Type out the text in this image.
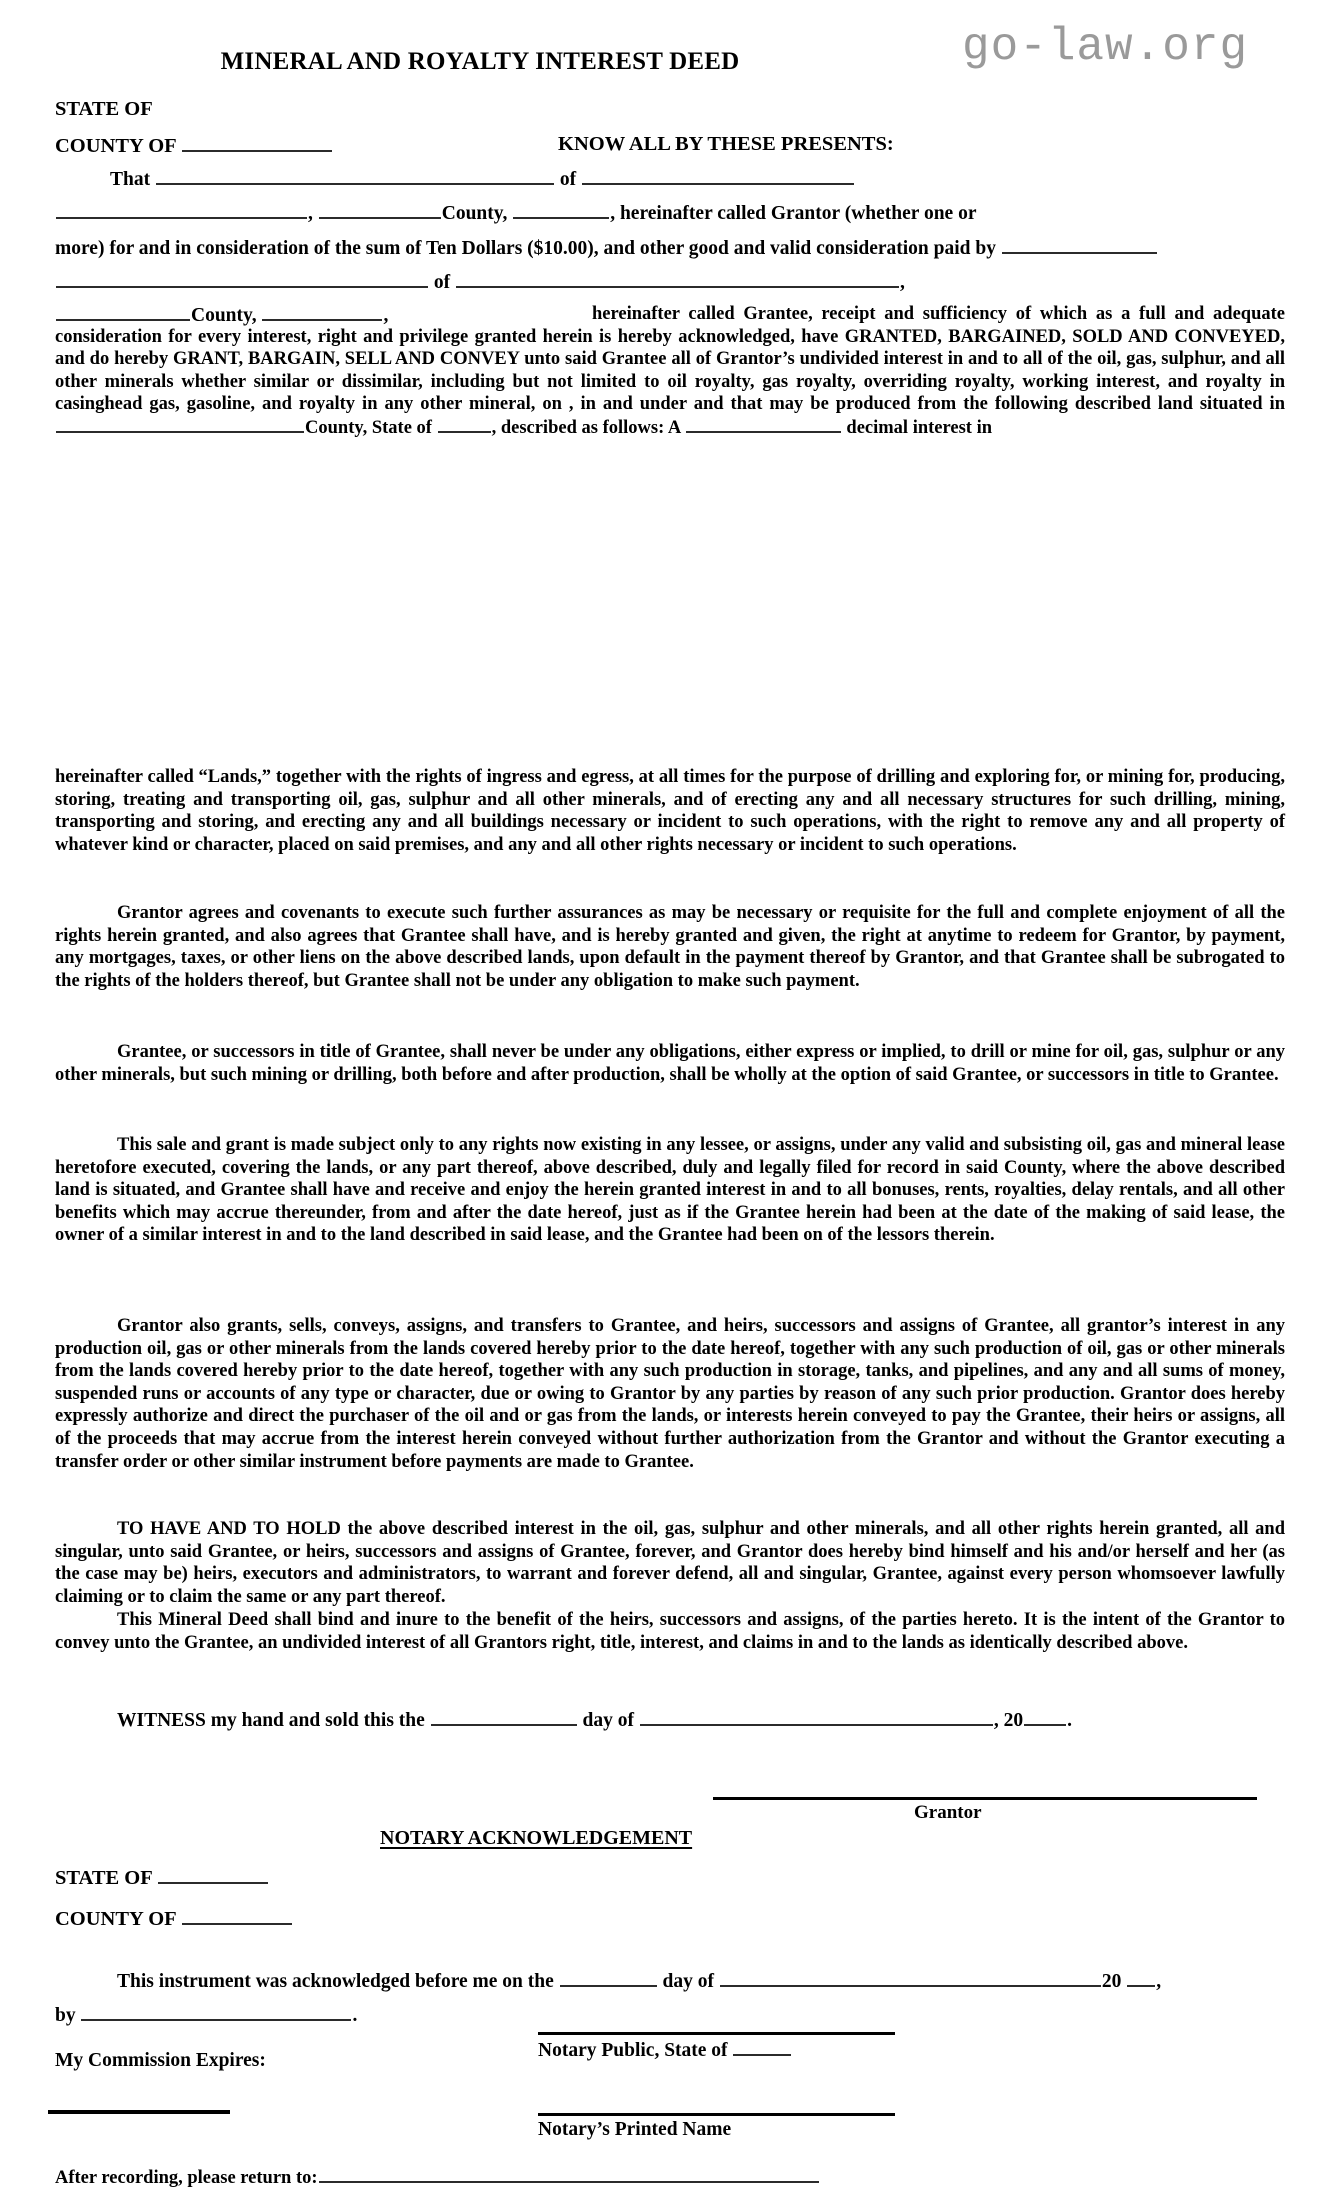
go-law.org
MINERAL AND ROYALTY INTEREST DEED
STATE OF
COUNTY OF	KNOW ALL BY THESE PRESENTS:
That	of
,	County,	, hereinafter called Grantor (whether one or
more) for and in consideration of the sum of Ten Dollars ($10.00), and other good and valid consideration paid by
of	,
County,	,	hereinafter called Grantee, receipt and sufficiency of which as a full and adequate consideration for every interest, right and privilege granted herein is hereby acknowledged, have GRANTED, BARGAINED, SOLD AND CONVEYED, and do hereby GRANT, BARGAIN, SELL AND CONVEY unto said Grantee all of Grantor’s undivided interest in and to all of the oil, gas, sulphur, and all other minerals whether similar or dissimilar, including but not limited to oil royalty, gas royalty, overriding royalty, working interest, and royalty in casinghead gas, gasoline, and royalty in any other mineral, on , in and under and that may be produced from the following described land situated in County, State of	, described as follows: A	decimal interest in
hereinafter called “Lands,” together with the rights of ingress and egress, at all times for the purpose of drilling and exploring for, or mining for, producing, storing, treating and transporting oil, gas, sulphur and all other minerals, and of erecting any and all necessary structures for such drilling, mining, transporting and storing, and erecting any and all buildings necessary or incident to such operations, with the right to remove any and all property of whatever kind or character, placed on said premises, and any and all other rights necessary or incident to such operations.
Grantor agrees and covenants to execute such further assurances as may be necessary or requisite for the full and complete enjoyment of all the rights herein granted, and also agrees that Grantee shall have, and is hereby granted and given, the right at anytime to redeem for Grantor, by payment, any mortgages, taxes, or other liens on the above described lands, upon default in the payment thereof by Grantor, and that Grantee shall be subrogated to the rights of the holders thereof, but Grantee shall not be under any obligation to make such payment.
Grantee, or successors in title of Grantee, shall never be under any obligations, either express or implied, to drill or mine for oil, gas, sulphur or any other minerals, but such mining or drilling, both before and after production, shall be wholly at the option of said Grantee, or successors in title to Grantee.
This sale and grant is made subject only to any rights now existing in any lessee, or assigns, under any valid and subsisting oil, gas and mineral lease heretofore executed, covering the lands, or any part thereof, above described, duly and legally filed for record in said County, where the above described land is situated, and Grantee shall have and receive and enjoy the herein granted interest in and to all bonuses, rents, royalties, delay rentals, and all other benefits which may accrue thereunder, from and after the date hereof, just as if the Grantee herein had been at the date of the making of said lease, the owner of a similar interest in and to the land described in said lease, and the Grantee had been on of the lessors therein.
Grantor also grants, sells, conveys, assigns, and transfers to Grantee, and heirs, successors and assigns of Grantee, all grantor’s interest in any production oil, gas or other minerals from the lands covered hereby prior to the date hereof, together with any such production of oil, gas or other minerals from the lands covered hereby prior to the date hereof, together with any such production in storage, tanks, and pipelines, and any and all sums of money, suspended runs or accounts of any type or character, due or owing to Grantor by any parties by reason of any such prior production. Grantor does hereby expressly authorize and direct the purchaser of the oil and or gas from the lands, or interests herein conveyed to pay the Grantee, their heirs or assigns, all of the proceeds that may accrue from the interest herein conveyed without further authorization from the Grantor and without the Grantor executing a transfer order or other similar instrument before payments are made to Grantee.
TO HAVE AND TO HOLD the above described interest in the oil, gas, sulphur and other minerals, and all other rights herein granted, all and singular, unto said Grantee, or heirs, successors and assigns of Grantee, forever, and Grantor does hereby bind himself and his and/or herself and her (as the case may be) heirs, executors and administrators, to warrant and forever defend, all and singular, Grantee, against every person whomsoever lawfully claiming or to claim the same or any part thereof.
This Mineral Deed shall bind and inure to the benefit of the heirs, successors and assigns, of the parties hereto. It is the intent of the Grantor to convey unto the Grantee, an undivided interest of all Grantors right, title, interest, and claims in and to the lands as identically described above.
WITNESS my hand and sold this the	day of	, 20 .
Grantor
NOTARY ACKNOWLEDGEMENT
STATE OF
COUNTY OF
This instrument was acknowledged before me on the	day of	20 ,
by	.
My Commission Expires:	Notary Public, State of
Notary’s Printed Name
After recording, please return to:
